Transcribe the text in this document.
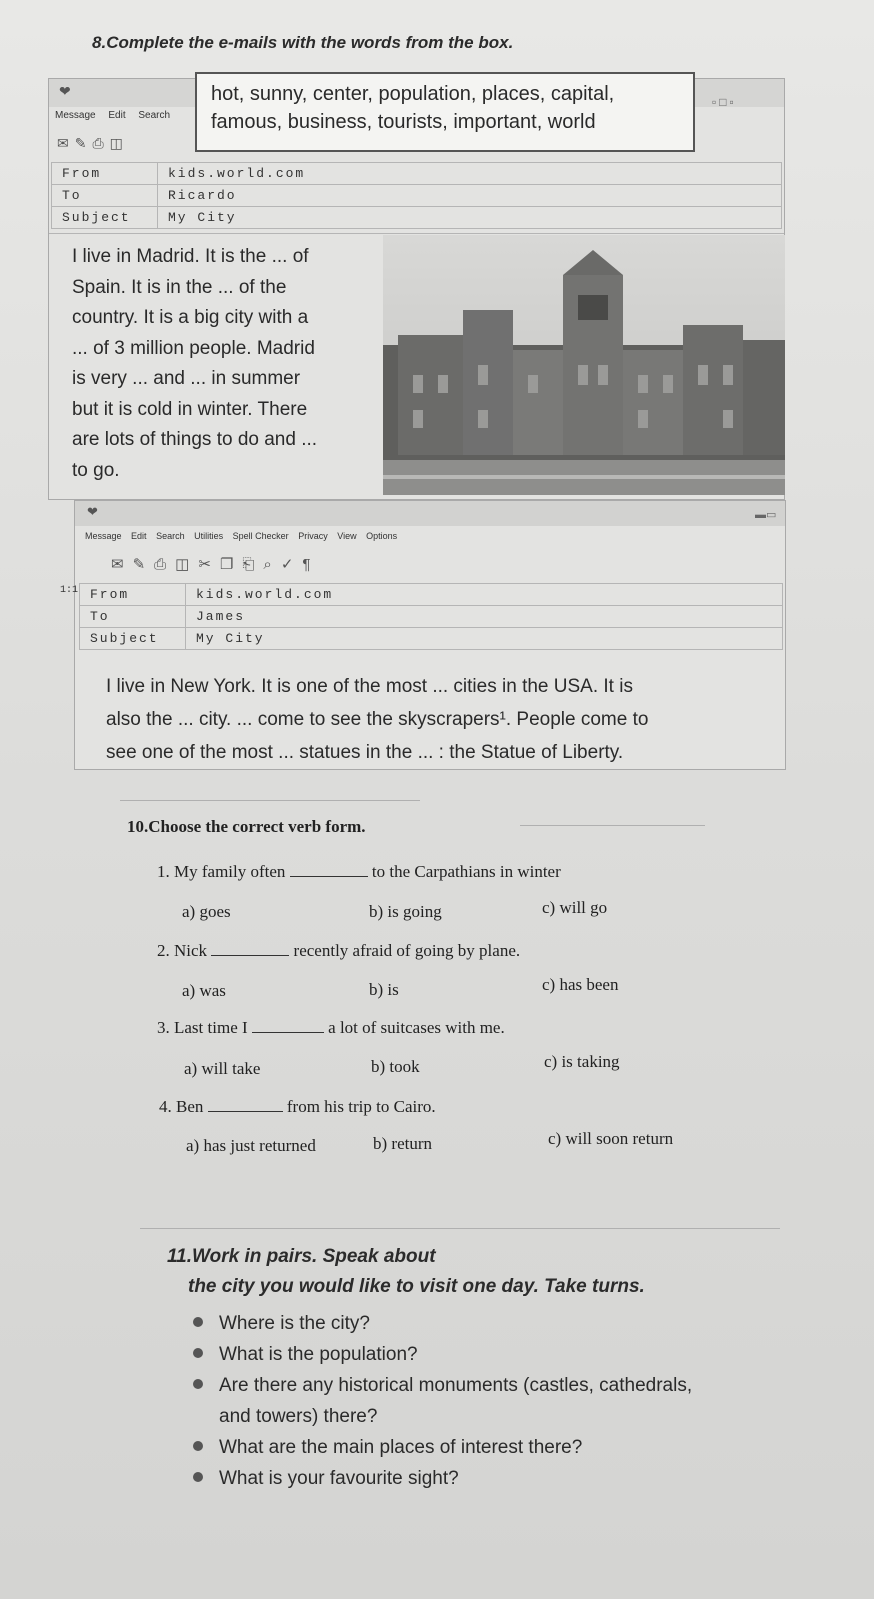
8.Complete the e-mails with the words from the box.
❤
▫□▫
Message Edit Search
✉✎⎙◫
From	kids.world.com
To	Ricardo
Subject	My City
hot, sunny, center, population, places, capital,
famous, business, tourists, important, world
I live in Madrid. It is the ... of
Spain. It is in the ... of the
country. It is a big city with a
... of 3 million people. Madrid
is very ... and ... in summer
but it is cold in winter. There
are lots of things to do and ...
to go.
❤	▬▭
Message Edit Search Utilities Spell Checker Privacy View Options
✉✎⎙◫✂❐⎗⌕✓¶
From	kids.world.com
To	James
Subject	My City
1:1
I live in New York. It is one of the most ... cities in the USA. It is
also the ... city. ... come to see the skyscrapers¹. People come to
see one of the most ... statues in the ... : the Statue of Liberty.
10.Choose the correct verb form.
1. My family often	to the Carpathians in winter
a) goes	b) is going	c) will go
2. Nick	recently afraid of going by plane.
a) was	b) is	c) has been
3. Last time I	a lot of suitcases with me.
a) will take	b) took	c) is taking
4. Ben	from his trip to Cairo.
a) has just returned	b) return	c) will soon return
11.Work in pairs. Speak about
the city you would like to visit one day. Take turns.
Where is the city?
What is the population?
Are there any historical monuments (castles, cathedrals,
and towers) there?
What are the main places of interest there?
What is your favourite sight?
